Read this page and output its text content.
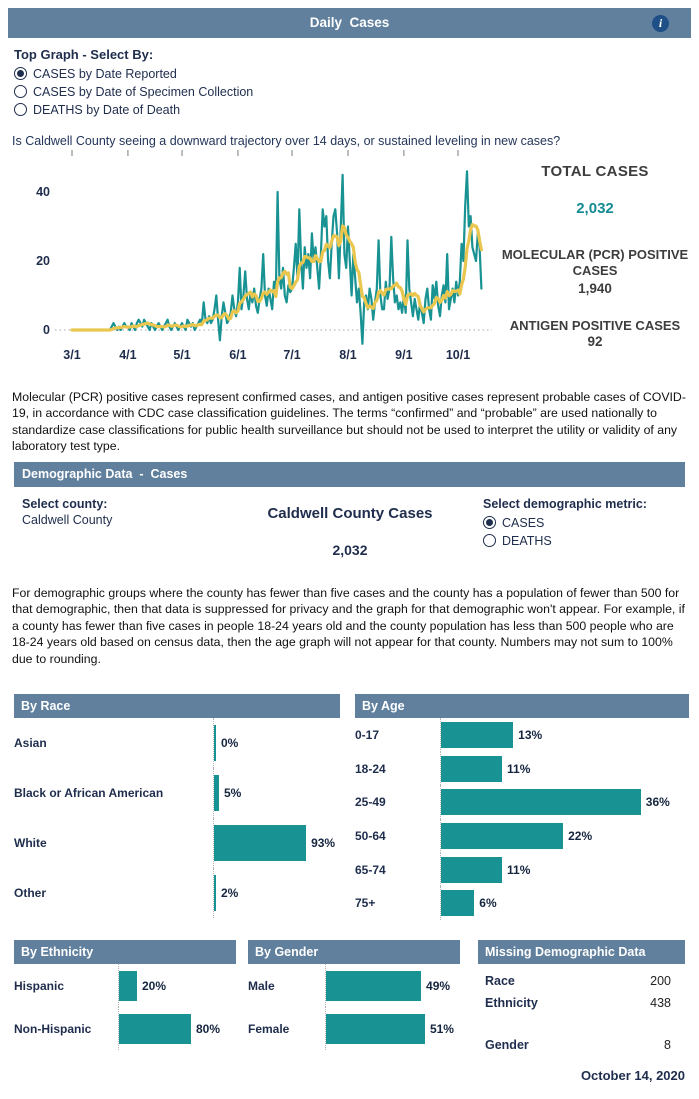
Daily  Cases	i
Top Graph - Select By:
CASES by Date Reported
CASES by Date of Specimen Collection
DEATHS by Date of Death
Is Caldwell County seeing a downward trajectory over 14 days, or sustained leveling in new cases?
3/1	4/1	5/1	6/1	7/1	8/1	9/1	10/1
0
20
40
TOTAL CASES
2,032
MOLECULAR (PCR) POSITIVE CASES
1,940
ANTIGEN POSITIVE CASES
92
Molecular (PCR) positive cases represent confirmed cases, and antigen positive cases represent probable cases of COVID-19, in accordance with CDC case classification guidelines. The terms “confirmed” and “probable” are used nationally to standardize case classifications for public health surveillance but should not be used to interpret the utility or validity of any laboratory test type.
Demographic Data  -  Cases
Select county:
Caldwell County	Caldwell County Cases
2,032
Select demographic metric:
CASES
DEATHS
For demographic groups where the county has fewer than five cases and the county has a population of fewer than 500 for that demographic, then that data is suppressed for privacy and the graph for that demographic won't appear. For example, if a county has fewer than five cases in people 18-24 years old and the county population has less than 500 people who are 18-24 years old based on census data, then the age graph will not appear for that county. Numbers may not sum to 100% due to rounding.
By Race
Asian	0%
Black or African American	5%
White	93%
Other	2%
By Age
0-17	13%
18-24	11%
25-49	36%
50-64	22%
65-74	11%
75+	6%
By Ethnicity
Hispanic	20%
Non-Hispanic	80%
By Gender
Male	49%
Female	51%
Missing Demographic Data
Race	200
Ethnicity	438
Gender	8
October 14, 2020
